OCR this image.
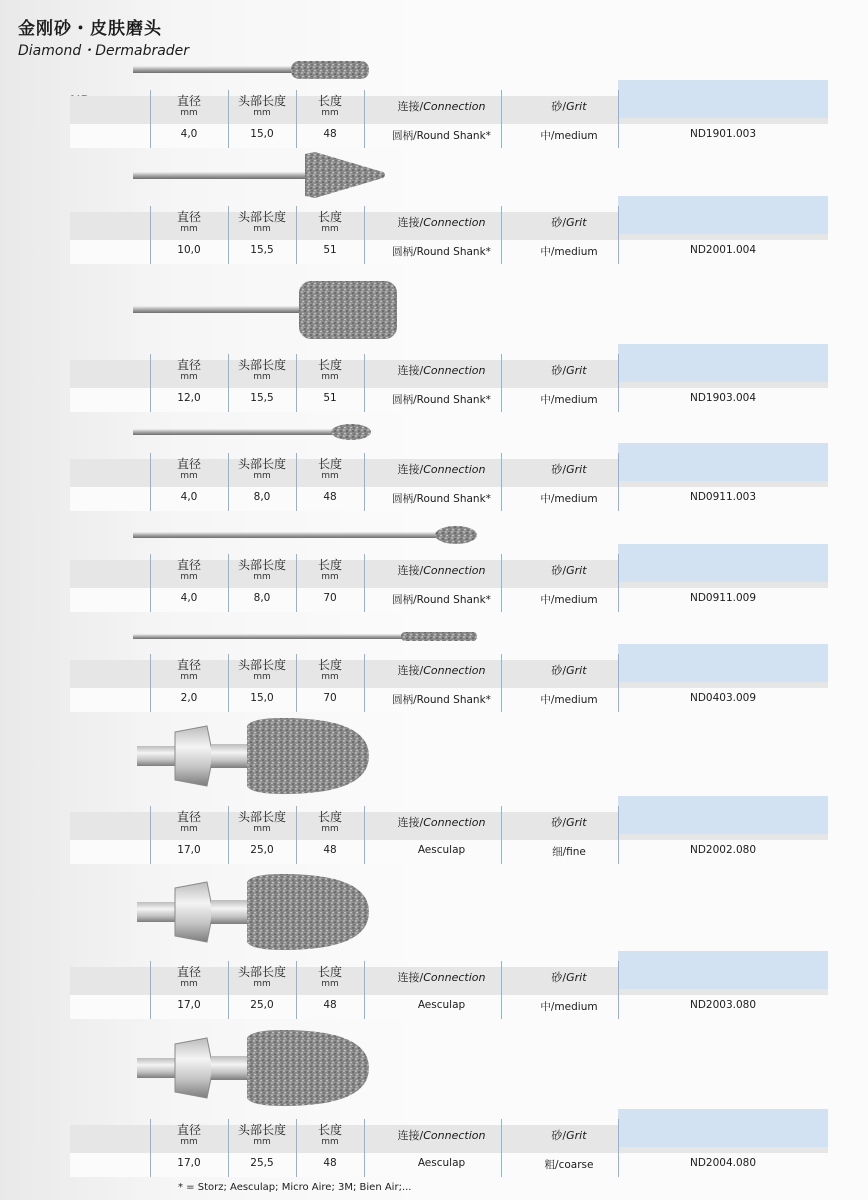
金刚砂・皮肤磨头
Diamond・Dermabrader
直径
mm
头部长度
mm
长度
mm	连接/Connection	砂/Grit
4,0	15,0	48	圆柄/Round Shank*	中/medium	ND1901.003
直径
mm
头部长度
mm
长度
mm	连接/Connection	砂/Grit
10,0	15,5	51	圆柄/Round Shank*	中/medium	ND2001.004
直径
mm
头部长度
mm
长度
mm	连接/Connection	砂/Grit
12,0	15,5	51	圆柄/Round Shank*	中/medium	ND1903.004
直径
mm
头部长度
mm
长度
mm	连接/Connection	砂/Grit
4,0	8,0	48	圆柄/Round Shank*	中/medium	ND0911.003
直径
mm
头部长度
mm
长度
mm	连接/Connection	砂/Grit
4,0	8,0	70	圆柄/Round Shank*	中/medium	ND0911.009
直径
mm
头部长度
mm
长度
mm	连接/Connection	砂/Grit
2,0	15,0	70	圆柄/Round Shank*	中/medium	ND0403.009
直径
mm
头部长度
mm
长度
mm	连接/Connection	砂/Grit
17,0	25,0	48	Aesculap	细/fine	ND2002.080
直径
mm
头部长度
mm
长度
mm	连接/Connection	砂/Grit
17,0	25,0	48	Aesculap	中/medium	ND2003.080
直径
mm
头部长度
mm
长度
mm	连接/Connection	砂/Grit
17,0	25,5	48	Aesculap	粗/coarse	ND2004.080
* = Storz; Aesculap; Micro Aire; 3M; Bien Air;...
